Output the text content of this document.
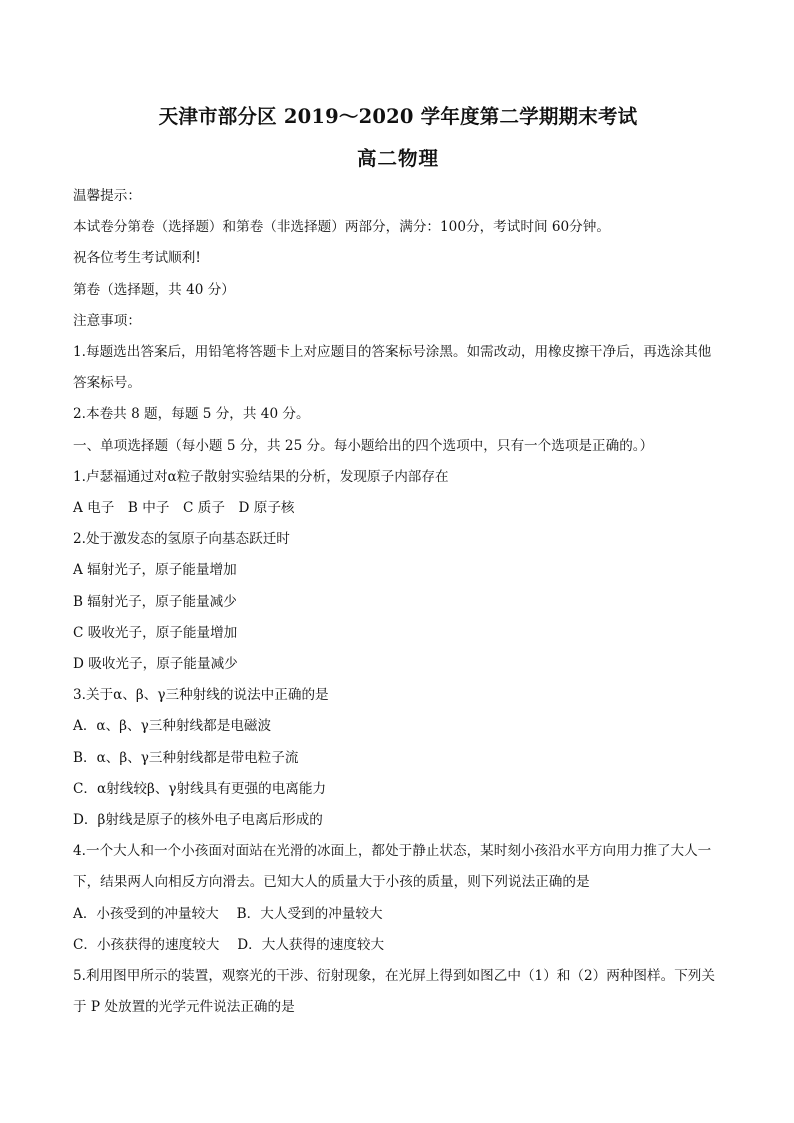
天津市部分区 2019～2020 学年度第二学期期末考试
高二物理

温馨提示：

本试卷分第卷（选择题）和第卷（非选择题）两部分，满分：100分，考试时间 60分钟。

祝各位考生考试顺利!

第卷（选择题，共 40 分）

注意事项：

1.每题选出答案后，用铅笔将答题卡上对应题目的答案标号涂黑。如需改动，用橡皮擦干净后，再选涂其他答案标号。

2.本卷共 8 题，每题 5 分，共 40 分。

一、单项选择题（每小题 5 分，共 25 分。每小题给出的四个选项中，只有一个选项是正确的。）

1.卢瑟福通过对α粒子散射实验结果的分析，发现原子内部存在

A 电子　B 中子　C 质子　D 原子核

2.处于激发态的氢原子向基态跃迁时

A 辐射光子，原子能量增加

B 辐射光子，原子能量减少

C 吸收光子，原子能量增加

D 吸收光子，原子能量减少

3.关于α、β、γ三种射线的说法中正确的是

A．α、β、γ三种射线都是电磁波

B．α、β、γ三种射线都是带电粒子流

C．α射线较β、γ射线具有更强的电离能力

D．β射线是原子的核外电子电离后形成的

4.一个大人和一个小孩面对面站在光滑的冰面上，都处于静止状态，某时刻小孩沿水平方向用力推了大人一下，结果两人向相反方向滑去。已知大人的质量大于小孩的质量，则下列说法正确的是

A．小孩受到的冲量较大　 B．大人受到的冲量较大

C．小孩获得的速度较大　 D．大人获得的速度较大

5.利用图甲所示的装置，观察光的干涉、衍射现象，在光屏上得到如图乙中（1）和（2）两种图样。下列关于 P 处放置的光学元件说法正确的是
